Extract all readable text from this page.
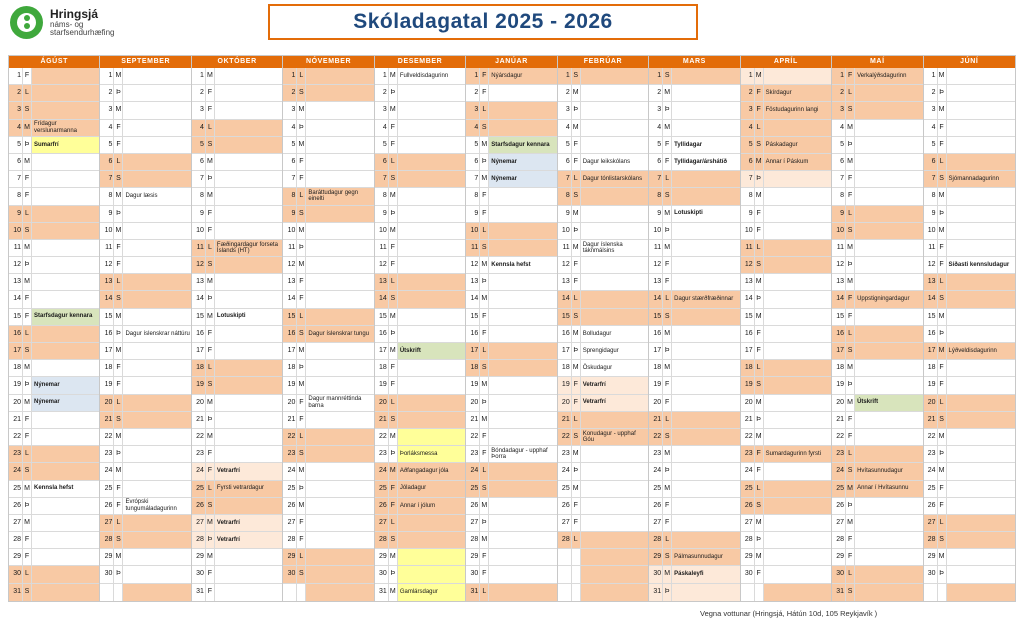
Hringsjá
náms- og
starfsendurhæfing	Skóladagatal 2025 - 2026
ÁGÚST
1 F
2 L
3 S
4 M Frídagur verslunarmanna
5 Þ Sumarfrí
6 M
7 F
8 F
9 L
10 S
11 M
12 Þ
13 M
14 F
15 F Starfsdagur kennara
16 L
17 S
18 M
19 Þ Nýnemar
20 M Nýnemar
21 F
22 F
23 L
24 S
25 M Kennsla hefst
26 Þ
27 M
28 F
29 F
30 L
31 S
SEPTEMBER
1 M
2 Þ
3 M
4 F
5 F
6 L
7 S
8 M Dagur læsis
9 Þ
10 M
11 F
12 F
13 L
14 S
15 M
16 Þ Dagur íslenskrar náttúru
17 M
18 F
19 F
20 L
21 S
22 M
23 Þ
24 M
25 F
26 F Evrópski tungumáladagurinn
27 L
28 S
29 M
30 Þ
OKTÓBER
1 M
2 F
3 F
4 L
5 S
6 M
7 Þ
8 M
9 F
10 F
11 L Fæðingardagur forseta Íslands (HT)
12 S
13 M
14 Þ
15 M Lotuskipti
16 F
17 F
18 L
19 S
20 M
21 Þ
22 M
23 F
24 F Vetrarfrí
25 L Fyrsti vetrardagur
26 S
27 M Vetrarfrí
28 Þ Vetrarfrí
29 M
30 F
31 F
NÓVEMBER
1 L
2 S
3 M
4 Þ
5 M
6 F
7 F
8 L Baráttudagur gegn einelti
9 S
10 M
11 Þ
12 M
13 F
14 F
15 L
16 S Dagur íslenskrar tungu
17 M
18 Þ
19 M
20 F Dagur mannréttinda barna
21 F
22 L
23 S
24 M
25 Þ
26 M
27 F
28 F
29 L
30 S
DESEMBER
1 M Fullveldisdagurinn
2 Þ
3 M
4 F
5 F
6 L
7 S
8 M
9 Þ
10 M
11 F
12 F
13 L
14 S
15 M
16 Þ
17 M Útskrift
18 F
19 F
20 L
21 S
22 M
23 Þ Þorláksmessa
24 M Aðfangadagur jóla
25 F Jóladagur
26 F Annar í jólum
27 L
28 S
29 M
30 Þ
31 M Gamlársdagur
JANÚAR
1 F Nýársdagur
2 F
3 L
4 S
5 M Starfsdagur kennara
6 Þ Nýnemar
7 M Nýnemar
8 F
9 F
10 L
11 S
12 M Kennsla hefst
13 Þ
14 M
15 F
16 F
17 L
18 S
19 M
20 Þ
21 M
22 F
23 F Bóndadagur - upphaf Þorra
24 L
25 S
26 M
27 Þ
28 M
29 F
30 F
31 L
FEBRÚAR
1 S
2 M
3 Þ
4 M
5 F
6 F Dagur leikskólans
7 L Dagur tónlistarskólans
8 S
9 M
10 Þ
11 M Dagur íslenska táknmálsins
12 F
13 F
14 L
15 S
16 M Bolludagur
17 Þ Sprengidagur
18 M Öskudagur
19 F Vetrarfrí
20 F Vetrarfrí
21 L
22 S Konudagur - upphaf Góu
23 M
24 Þ
25 M
26 F
27 F
28 L
MARS
1 S
2 M
3 Þ
4 M
5 F Tyllidagar
6 F Tyllidagar/árshátíð
7 L
8 S
9 M Lotuskipti
10 Þ
11 M
12 F
13 F
14 L Dagur stærðfræðinnar
15 S
16 M
17 Þ
18 M
19 F
20 F
21 L
22 S
23 M
24 Þ
25 M
26 F
27 F
28 L
29 S Pálmasunnudagur
30 M Páskaleyfi
31 Þ
APRÍL
1 M
2 F Skírdagur
3 F Föstudagurinn langi
4 L
5 S Páskadagur
6 M Annar í Páskum
7 Þ
8 M
9 F
10 F
11 L
12 S
13 M
14 Þ
15 M
16 F
17 F
18 L
19 S
20 M
21 Þ
22 M
23 F Sumardagurinn fyrsti
24 F
25 L
26 S
27 M
28 Þ
29 M
30 F
MAÍ
1 F Verkalýðsdagurinn
2 L
3 S
4 M
5 Þ
6 M
7 F
8 F
9 L
10 S
11 M
12 Þ
13 M
14 F Uppstigningardagur
15 F
16 L
17 S
18 M
19 Þ
20 M Útskrift
21 F
22 F
23 L
24 S Hvítasunnudagur
25 M Annar í Hvítasunnu
26 Þ
27 M
28 F
29 F
30 L
31 S
JÚNÍ
1 M
2 Þ
3 M
4 F
5 F
6 L
7 S Sjómannadagurinn
8 M
9 Þ
10 M
11 F
12 F Síðasti kennsludagur
13 L
14 S
15 M
16 Þ
17 M Lýðveldisdagurinn
18 F
19 F
20 L
21 S
22 M
23 Þ
24 M
25 F
26 F
27 L
28 S
29 M
30 Þ
Vegna vottunar (Hringsjá, Hátún 10d, 105 Reykjavík )
